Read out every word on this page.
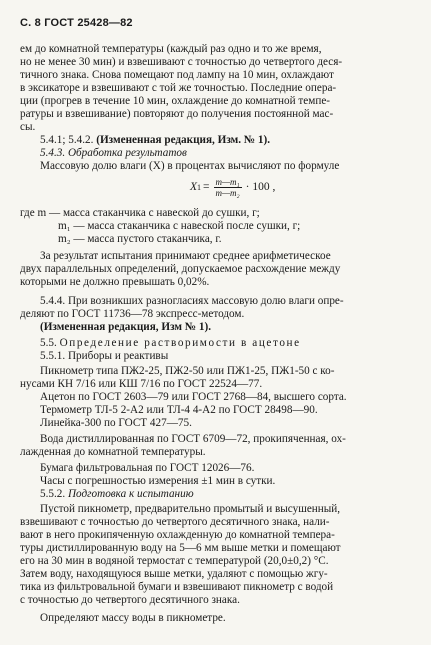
С. 8 ГОСТ 25428—82
ем до комнатной температуры (каждый раз одно и то же время,
но не менее 30 мин) и взвешивают с точностью до четвертого деся-
тичного знака. Снова помещают под лампу на 10 мин, охлаждают
в эксикаторе и взвешивают с той же точностью. Последние опера-
ции (прогрев в течение 10 мин, охлаждение до комнатной темпе-
ратуры и взвешивание) повторяют до получения постоянной мас-
сы.
5.4.1; 5.4.2. (Измененная редакция, Изм. № 1).
5.4.3. Обработка результатов
Массовую долю влаги (X) в процентах вычисляют по формуле
X $1 = \frac{\text{m—m₁}}{\text{m—m₂}} \cdot 100$ ,
где m — масса стаканчика с навеской до сушки, г;
m₁ — масса стаканчика с навеской после сушки, г;
m₂ — масса пустого стаканчика, г.
За результат испытания принимают среднее арифметическое
двух параллельных определений, допускаемое расхождение между
которыми не должно превышать 0,02%.
5.4.4. При возникших разногласиях массовую долю влаги опре-
деляют по ГОСТ 11736—78 экспресс-методом.
(Измененная редакция, Изм № 1).
5.5. Определение растворимости в ацетоне
5.5.1. Приборы и реактивы
Пикнометр типа ПЖ2-25, ПЖ2-50 или ПЖ1-25, ПЖ1-50 с ко-
нусами КН 7/16 или КШ 7/16 по ГОСТ 22524—77.
Ацетон по ГОСТ 2603—79 или ГОСТ 2768—84, высшего сорта.
Термометр ТЛ-5 2-А2 или ТЛ-4 4-А2 по ГОСТ 28498—90.
Линейка-300 по ГОСТ 427—75.
Вода дистиллированная по ГОСТ 6709—72, прокипяченная, ох-
лажденная до комнатной температуры.
Бумага фильтровальная по ГОСТ 12026—76.
Часы с погрешностью измерения ±1 мин в сутки.
5.5.2. Подготовка к испытанию
Пустой пикнометр, предварительно промытый и высушенный,
взвешивают с точностью до четвертого десятичного знака, нали-
вают в него прокипяченную охлажденную до комнатной темпера-
туры дистиллированную воду на 5—6 мм выше метки и помещают
его на 30 мин в водяной термостат с температурой (20,0±0,2) °С.
Затем воду, находящуюся выше метки, удаляют с помощью жгу-
тика из фильтровальной бумаги и взвешивают пикнометр с водой
с точностью до четвертого десятичного знака.
Определяют массу воды в пикнометре.
